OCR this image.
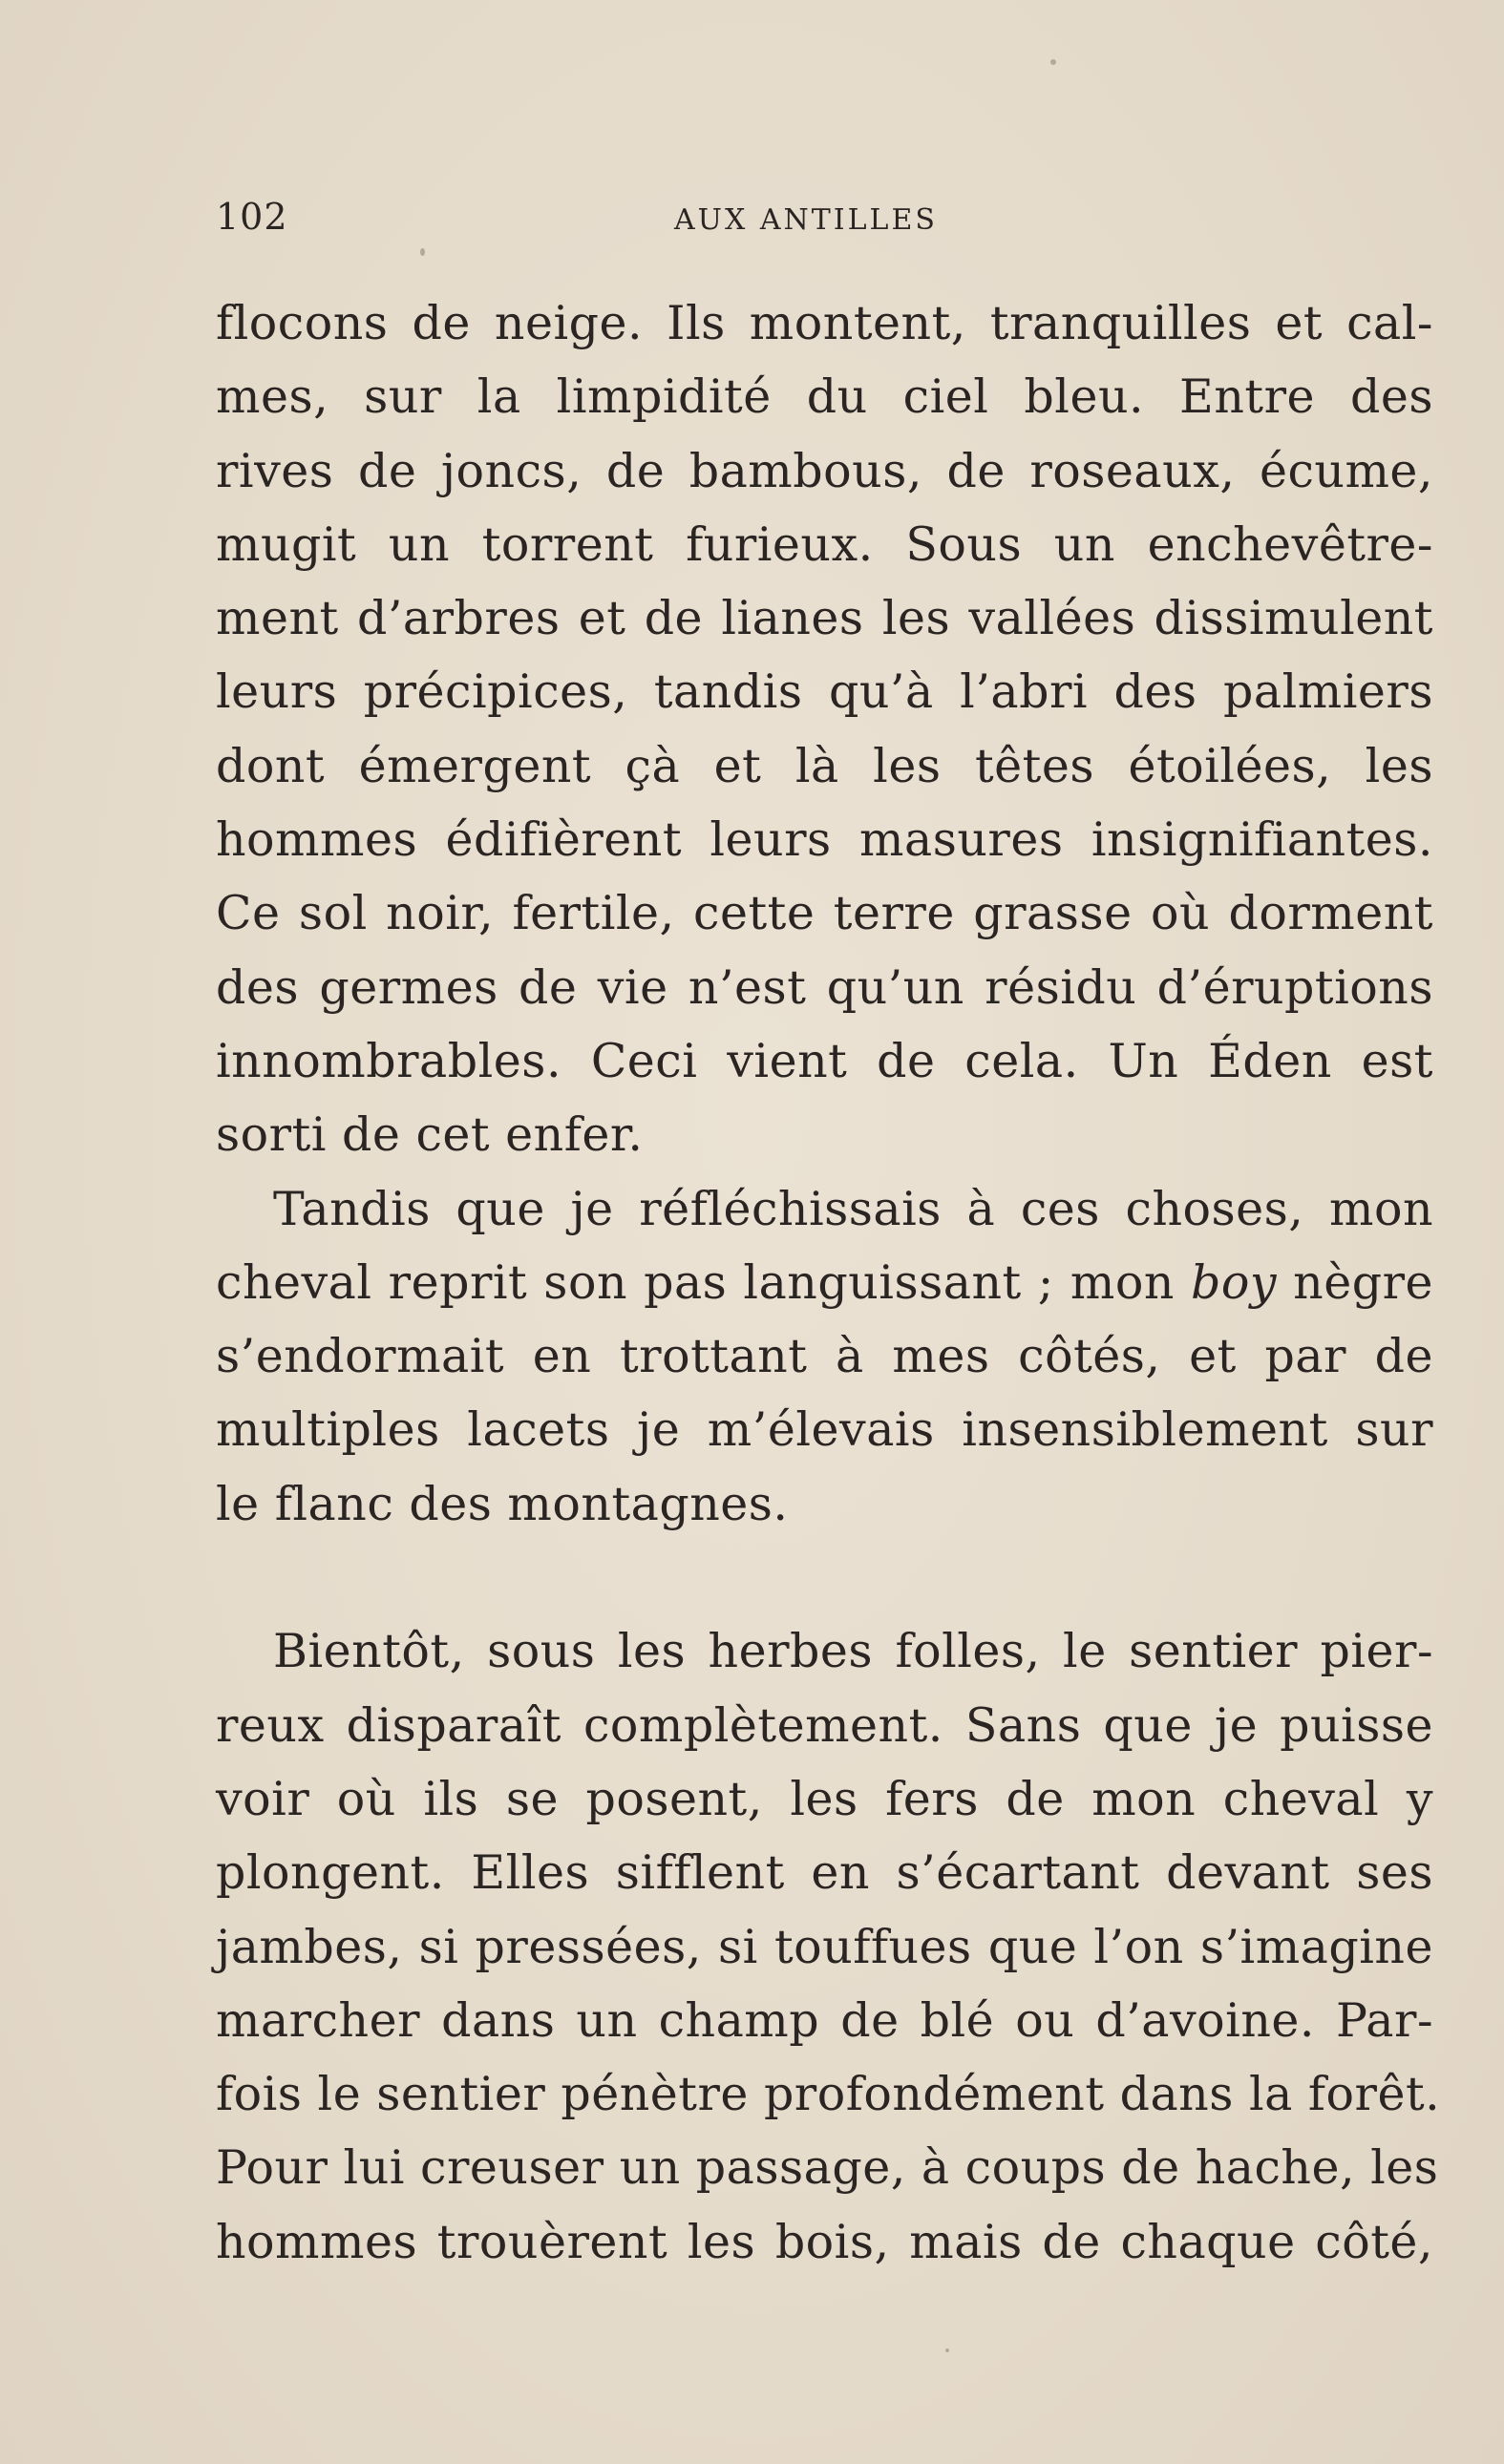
102	AUX ANTILLES
flocons de neige. Ils montent, tranquilles et cal-
mes, sur la limpidité du ciel bleu. Entre des
rives de joncs, de bambous, de roseaux, écume,
mugit un torrent furieux. Sous un enchevêtre-
ment d’arbres et de lianes les vallées dissimulent
leurs précipices, tandis qu’à l’abri des palmiers
dont émergent çà et là les têtes étoilées, les
hommes édifièrent leurs masures insignifiantes.
Ce sol noir, fertile, cette terre grasse où dorment
des germes de vie n’est qu’un résidu d’éruptions
innombrables. Ceci vient de cela. Un Éden est
sorti de cet enfer.
Tandis que je réfléchissais à ces choses, mon
cheval reprit son pas languissant ; mon boy nègre
s’endormait en trottant à mes côtés, et par de
multiples lacets je m’élevais insensiblement sur
le flanc des montagnes.
Bientôt, sous les herbes folles, le sentier pier-
reux disparaît complètement. Sans que je puisse
voir où ils se posent, les fers de mon cheval y
plongent. Elles sifflent en s’écartant devant ses
jambes, si pressées, si touffues que l’on s’imagine
marcher dans un champ de blé ou d’avoine. Par-
fois le sentier pénètre profondément dans la forêt.
Pour lui creuser un passage, à coups de hache, les
hommes trouèrent les bois, mais de chaque côté,
